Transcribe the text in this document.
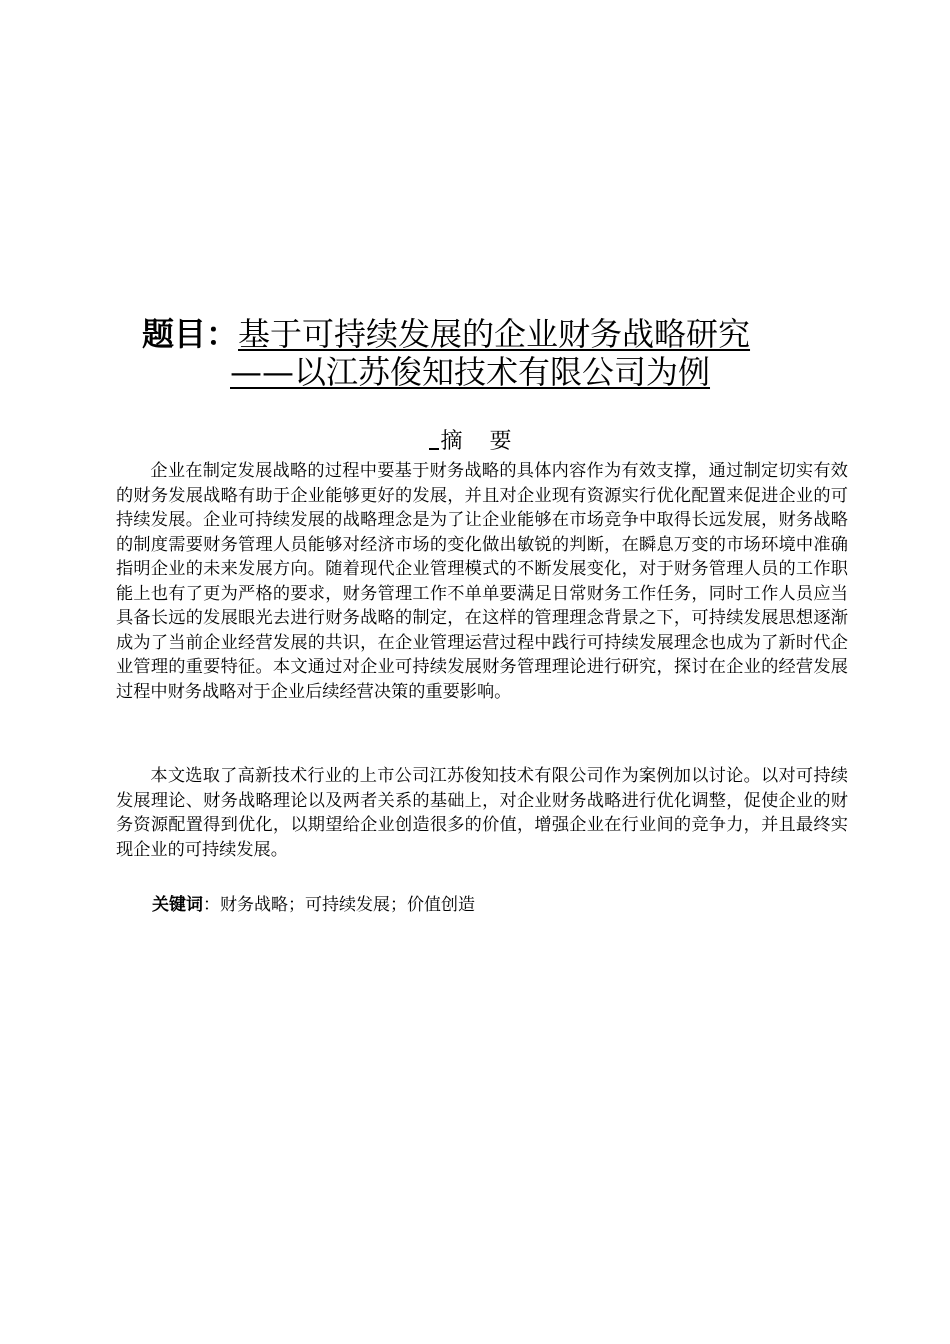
题目：基于可持续发展的企业财务战略研究
——以江苏俊知技术有限公司为例
摘 要

企业在制定发展战略的过程中要基于财务战略的具体内容作为有效支撑，通过制定切实有效的财务发展战略有助于企业能够更好的发展，并且对企业现有资源实行优化配置来促进企业的可持续发展。企业可持续发展的战略理念是为了让企业能够在市场竞争中取得长远发展，财务战略的制度需要财务管理人员能够对经济市场的变化做出敏锐的判断，在瞬息万变的市场环境中准确指明企业的未来发展方向。随着现代企业管理模式的不断发展变化，对于财务管理人员的工作职能上也有了更为严格的要求，财务管理工作不单单要满足日常财务工作任务，同时工作人员应当具备长远的发展眼光去进行财务战略的制定，在这样的管理理念背景之下，可持续发展思想逐渐成为了当前企业经营发展的共识，在企业管理运营过程中践行可持续发展理念也成为了新时代企业管理的重要特征。本文通过对企业可持续发展财务管理理论进行研究，探讨在企业的经营发展过程中财务战略对于企业后续经营决策的重要影响。

本文选取了高新技术行业的上市公司江苏俊知技术有限公司作为案例加以讨论。以对可持续发展理论、财务战略理论以及两者关系的基础上，对企业财务战略进行优化调整，促使企业的财务资源配置得到优化，以期望给企业创造很多的价值，增强企业在行业间的竞争力，并且最终实现企业的可持续发展。

关键词：财务战略；可持续发展；价值创造
